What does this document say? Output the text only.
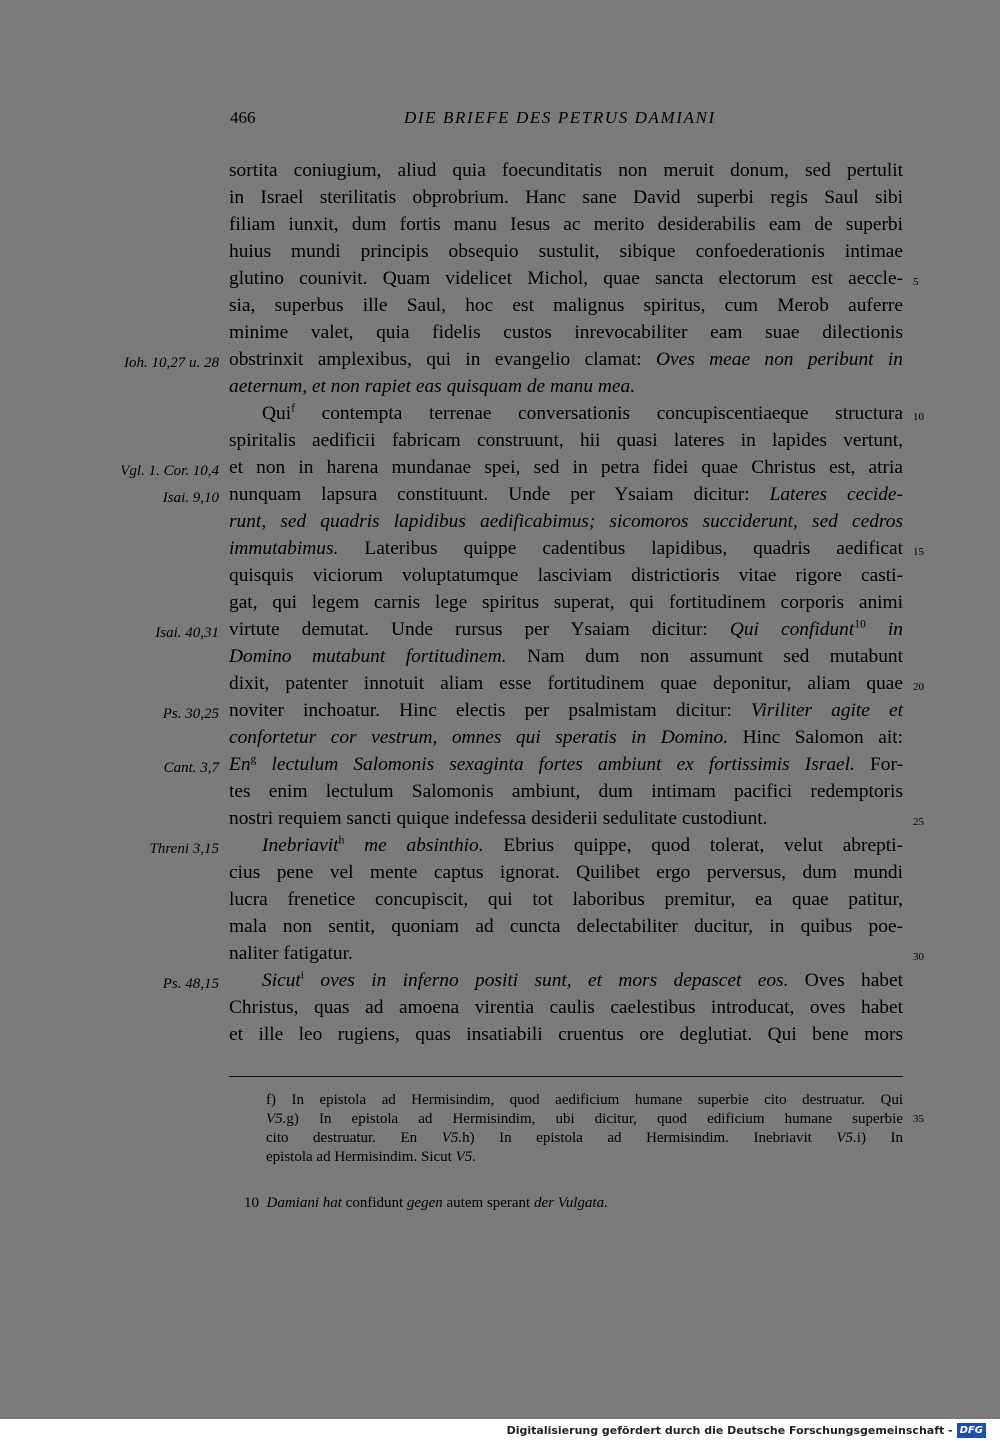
466	DIE BRIEFE DES PETRUS DAMIANI
sortita coniugium, aliud quia foecunditatis non meruit donum, sed pertulit
in Israel sterilitatis obprobrium. Hanc sane David superbi regis Saul sibi
filiam iunxit, dum fortis manu Iesus ac merito desiderabilis eam de superbi
huius mundi principis obsequio sustulit, sibique confoederationis intimae
glutino counivit. Quam videlicet Michol, quae sancta electorum est aeccle-
sia, superbus ille Saul, hoc est malignus spiritus, cum Merob auferre
minime valet, quia fidelis custos inrevocabiliter eam suae dilectionis
obstrinxit amplexibus, qui in evangelio clamat: Oves meae non peribunt in
aeternum, et non rapiet eas quisquam de manu mea.
Qui$^f$ contempta terrenae conversationis concupiscentiaeque structura
spiritalis aedificii fabricam construunt, hii quasi lateres in lapides vertunt,
et non in harena mundanae spei, sed in petra fidei quae Christus est, atria
nunquam lapsura constituunt. Unde per Ysaiam dicitur: Lateres cecide-
runt, sed quadris lapidibus aedificabimus; sicomoros succiderunt, sed cedros
immutabimus. Lateribus quippe cadentibus lapidibus, quadris aedificat
quisquis viciorum voluptatumque lasciviam districtioris vitae rigore casti-
gat, qui legem carnis lege spiritus superat, qui fortitudinem corporis animi
virtute demutat. Unde rursus per Ysaiam dicitur: Qui confidunt$^{10}$ in
Domino mutabunt fortitudinem. Nam dum non assumunt sed mutabunt
dixit, patenter innotuit aliam esse fortitudinem quae deponitur, aliam quae
noviter inchoatur. Hinc electis per psalmistam dicitur: Viriliter agite et
confortetur cor vestrum, omnes qui speratis in Domino. Hinc Salomon ait:
En$^g$ lectulum Salomonis sexaginta fortes ambiunt ex fortissimis Israel. For-
tes enim lectulum Salomonis ambiunt, dum intimam pacifici redemptoris
nostri requiem sancti quique indefessa desiderii sedulitate custodiunt.
Inebriavit$^h$ me absinthio. Ebrius quippe, quod tolerat, velut abrepti-
cius pene vel mente captus ignorat. Quilibet ergo perversus, dum mundi
lucra frenetice concupiscit, qui tot laboribus premitur, ea quae patitur,
mala non sentit, quoniam ad cuncta delectabiliter ducitur, in quibus poe-
naliter fatigatur.
Sicut$^i$ oves in inferno positi sunt, et mors depascet eos. Oves habet
Christus, quas ad amoena virentia caulis caelestibus introducat, oves habet
et ille leo rugiens, quas insatiabili cruentus ore deglutiat. Qui bene mors
Ioh. 10,27 u. 28
Vgl. 1. Cor. 10,4
Isai. 9,10
Isai. 40,31
Ps. 30,25
Cant. 3,7
Threni 3,15
Ps. 48,15
5
10
15
20
25
30
f) In epistola ad Hermisindim, quod aedificium humane superbie cito destruatur. Qui
V5.g) In epistola ad Hermisindim, ubi dicitur, quod edificium humane superbie
cito destruatur. En V5.h) In epistola ad Hermisindim. Inebriavit V5.i) In
epistola ad Hermisindim. Sicut V5.
35
10 Damiani hat confidunt gegen autem sperant der Vulgata.
Digitalisierung gefördert durch die Deutsche Forschungsgemeinschaft - DFG
